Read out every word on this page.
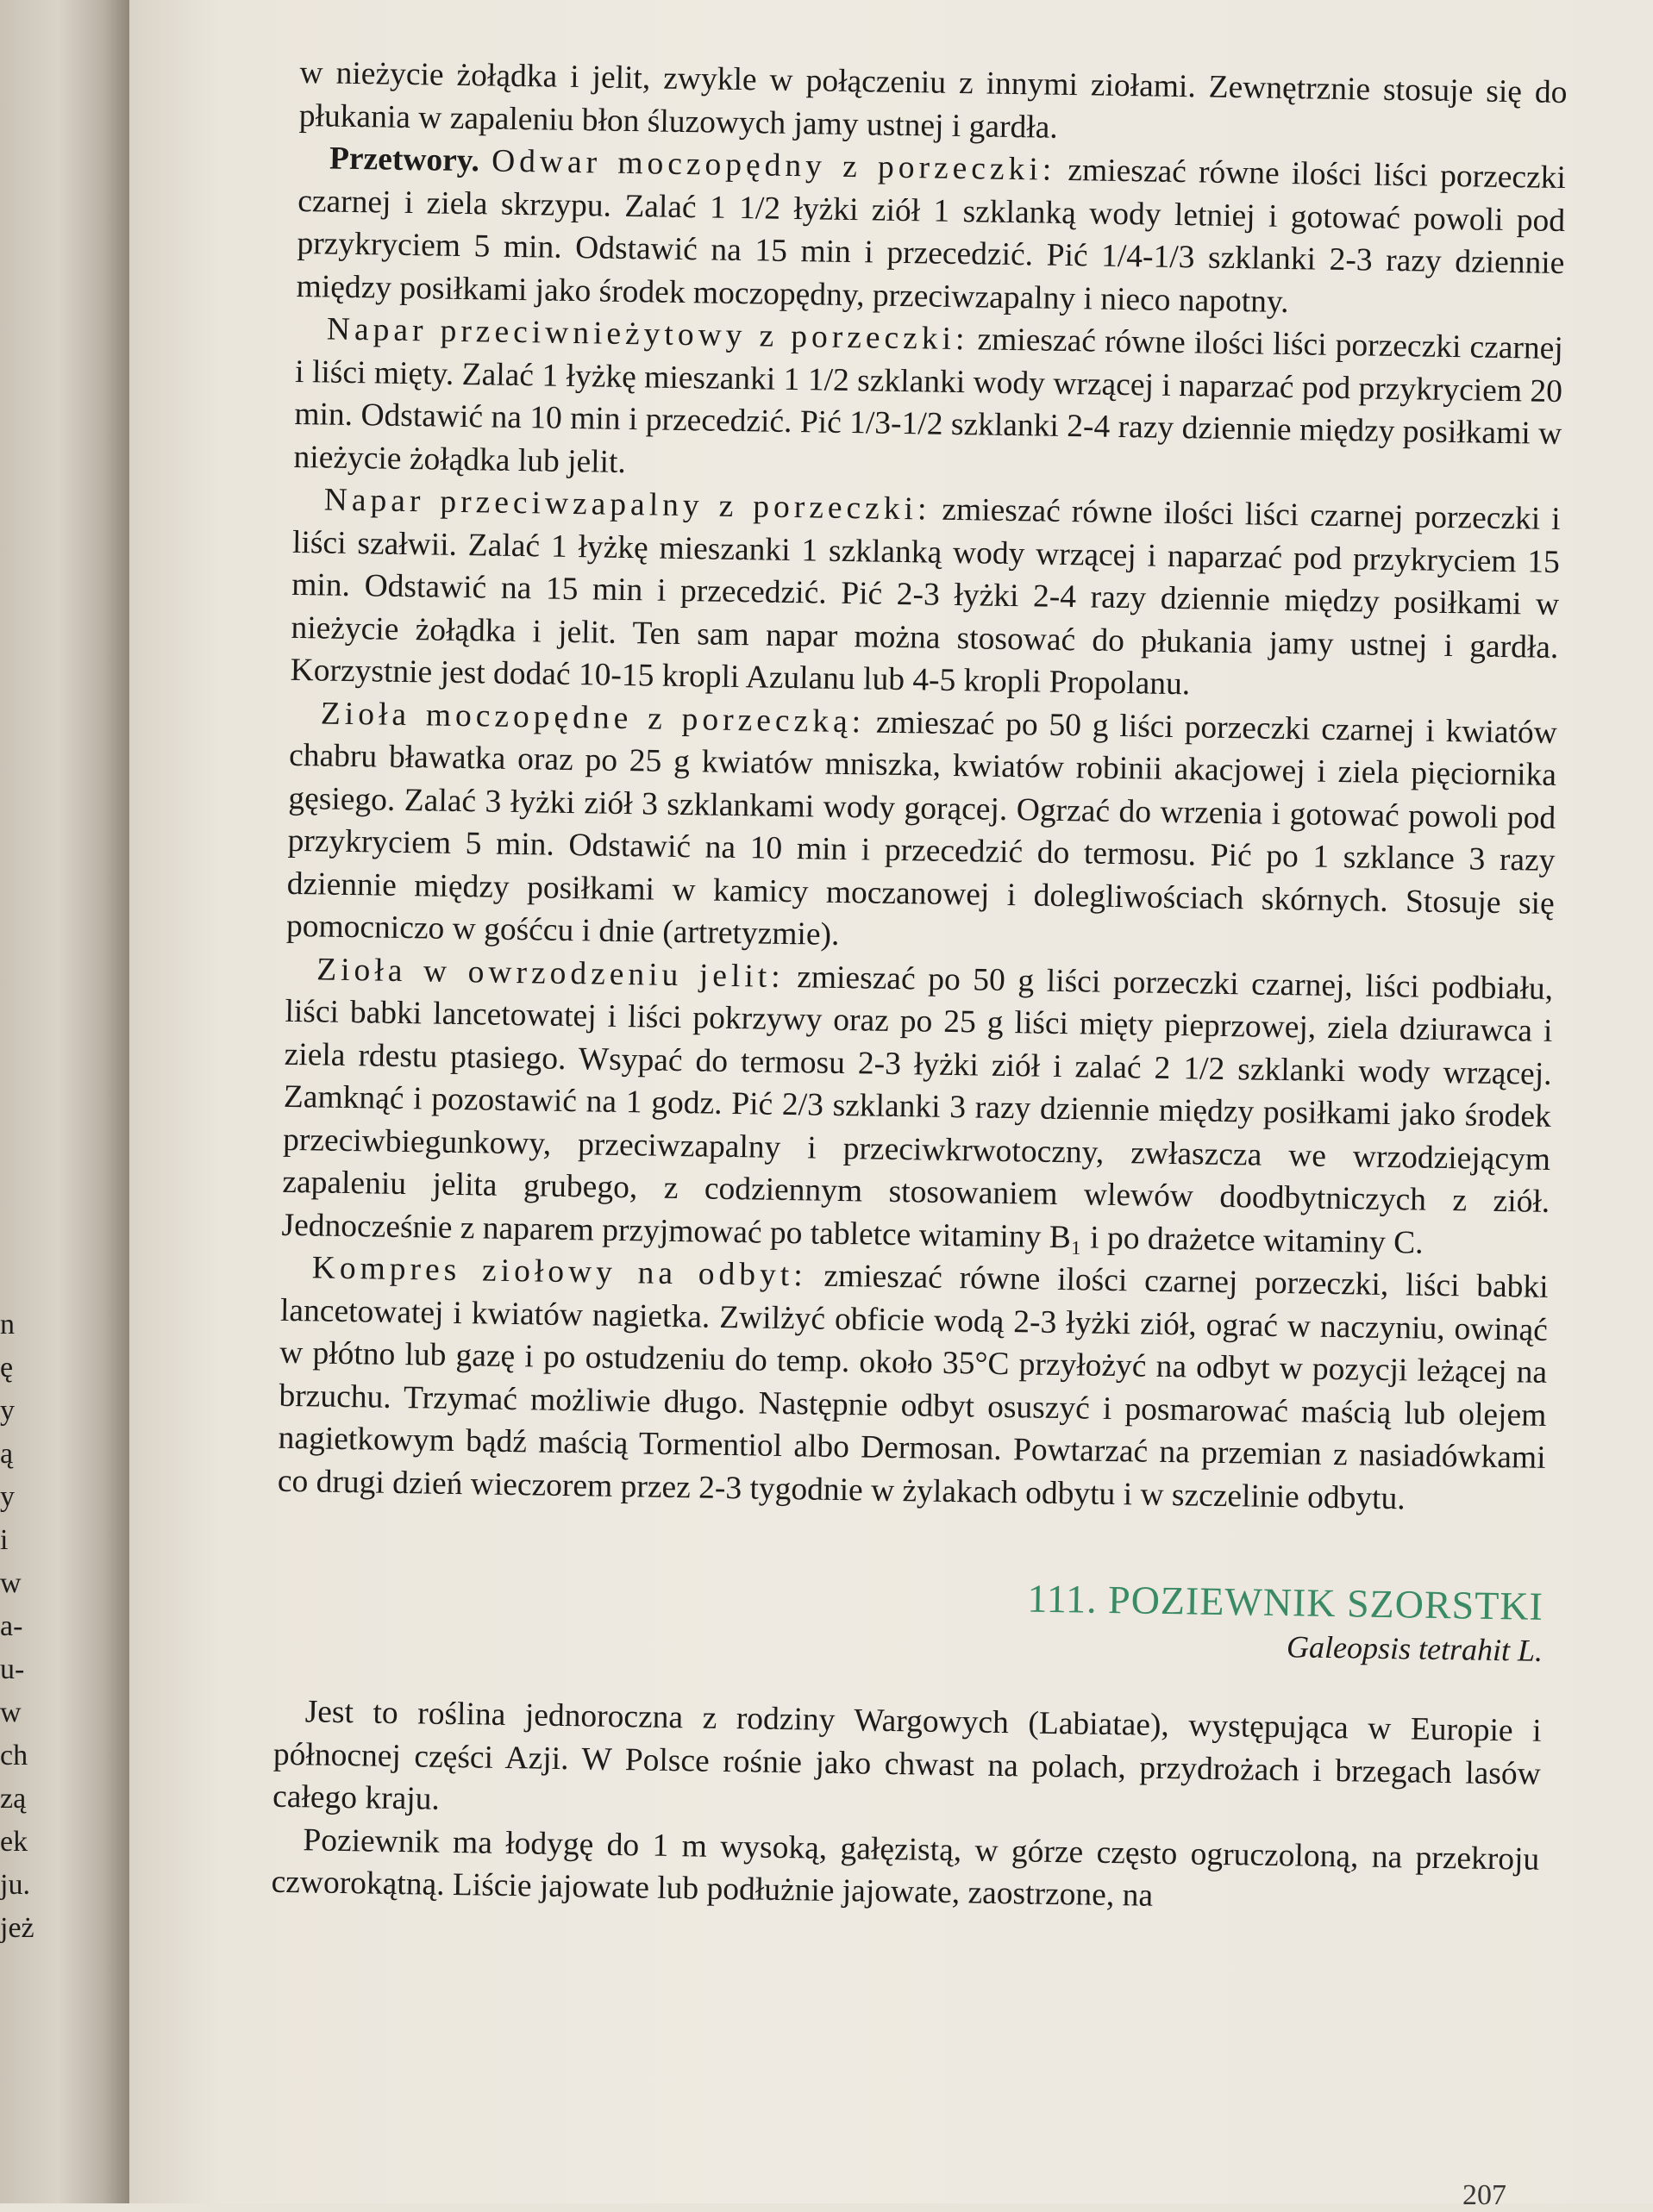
n
ę
y
ą
y
i
w
a-
u-
w
ch
zą
ek
ju.
jeż

w nieżycie żołądka i jelit, zwykle w połączeniu z innymi ziołami. Zewnętrznie stosuje się do płukania w zapaleniu błon śluzowych jamy ustnej i gardła.

Przetwory. Odwar moczopędny z porzeczki: zmieszać równe ilości liści porzeczki czarnej i ziela skrzypu. Zalać 1 1/2 łyżki ziół 1 szklanką wody letniej i gotować powoli pod przykryciem 5 min. Odstawić na 15 min i przecedzić. Pić 1/4-1/3 szklanki 2-3 razy dziennie między posiłkami jako środek moczopędny, przeciwzapalny i nieco napotny.

Napar przeciwnieżytowy z porzeczki: zmieszać równe ilości liści porzeczki czarnej i liści mięty. Zalać 1 łyżkę mieszanki 1 1/2 szklanki wody wrzącej i naparzać pod przykryciem 20 min. Odstawić na 10 min i przecedzić. Pić 1/3-1/2 szklanki 2-4 razy dziennie między posiłkami w nieżycie żołądka lub jelit.

Napar przeciwzapalny z porzeczki: zmieszać równe ilości liści czarnej porzeczki i liści szałwii. Zalać 1 łyżkę mieszanki 1 szklanką wody wrzącej i naparzać pod przykryciem 15 min. Odstawić na 15 min i przecedzić. Pić 2-3 łyżki 2-4 razy dziennie między posiłkami w nieżycie żołądka i jelit. Ten sam napar można stosować do płukania jamy ustnej i gardła. Korzystnie jest dodać 10-15 kropli Azulanu lub 4-5 kropli Propolanu.

Zioła moczopędne z porzeczką: zmieszać po 50 g liści porzeczki czarnej i kwiatów chabru bławatka oraz po 25 g kwiatów mniszka, kwiatów robinii akacjowej i ziela pięciornika gęsiego. Zalać 3 łyżki ziół 3 szklankami wody gorącej. Ogrzać do wrzenia i gotować powoli pod przykryciem 5 min. Odstawić na 10 min i przecedzić do termosu. Pić po 1 szklance 3 razy dziennie między posiłkami w kamicy moczanowej i dolegliwościach skórnych. Stosuje się pomocniczo w gośćcu i dnie (artretyzmie).

Zioła w owrzodzeniu jelit: zmieszać po 50 g liści porzeczki czarnej, liści podbiału, liści babki lancetowatej i liści pokrzywy oraz po 25 g liści mięty pieprzowej, ziela dziurawca i ziela rdestu ptasiego. Wsypać do termosu 2-3 łyżki ziół i zalać 2 1/2 szklanki wody wrzącej. Zamknąć i pozostawić na 1 godz. Pić 2/3 szklanki 3 razy dziennie między posiłkami jako środek przeciwbiegunkowy, przeciwzapalny i przeciwkrwotoczny, zwłaszcza we wrzodziejącym zapaleniu jelita grubego, z codziennym stosowaniem wlewów doodbytniczych z ziół. Jednocześnie z naparem przyjmować po tabletce witaminy B₁ i po drażetce witaminy C.

Kompres ziołowy na odbyt: zmieszać równe ilości czarnej porzeczki, liści babki lancetowatej i kwiatów nagietka. Zwilżyć obficie wodą 2-3 łyżki ziół, ograć w naczyniu, owinąć w płótno lub gazę i po ostudzeniu do temp. około 35°C przyłożyć na odbyt w pozycji leżącej na brzuchu. Trzymać możliwie długo. Następnie odbyt osuszyć i posmarować maścią lub olejem nagietkowym bądź maścią Tormentiol albo Dermosan. Powtarzać na przemian z nasiadówkami co drugi dzień wieczorem przez 2-3 tygodnie w żylakach odbytu i w szczelinie odbytu.

111. POZIEWNIK SZORSTKI
Galeopsis tetrahit L.

Jest to roślina jednoroczna z rodziny Wargowych (Labiatae), występująca w Europie i północnej części Azji. W Polsce rośnie jako chwast na polach, przydrożach i brzegach lasów całego kraju.

Poziewnik ma łodygę do 1 m wysoką, gałęzistą, w górze często ogruczoloną, na przekroju czworokątną. Liście jajowate lub podłużnie jajowate, zaostrzone, na

207
